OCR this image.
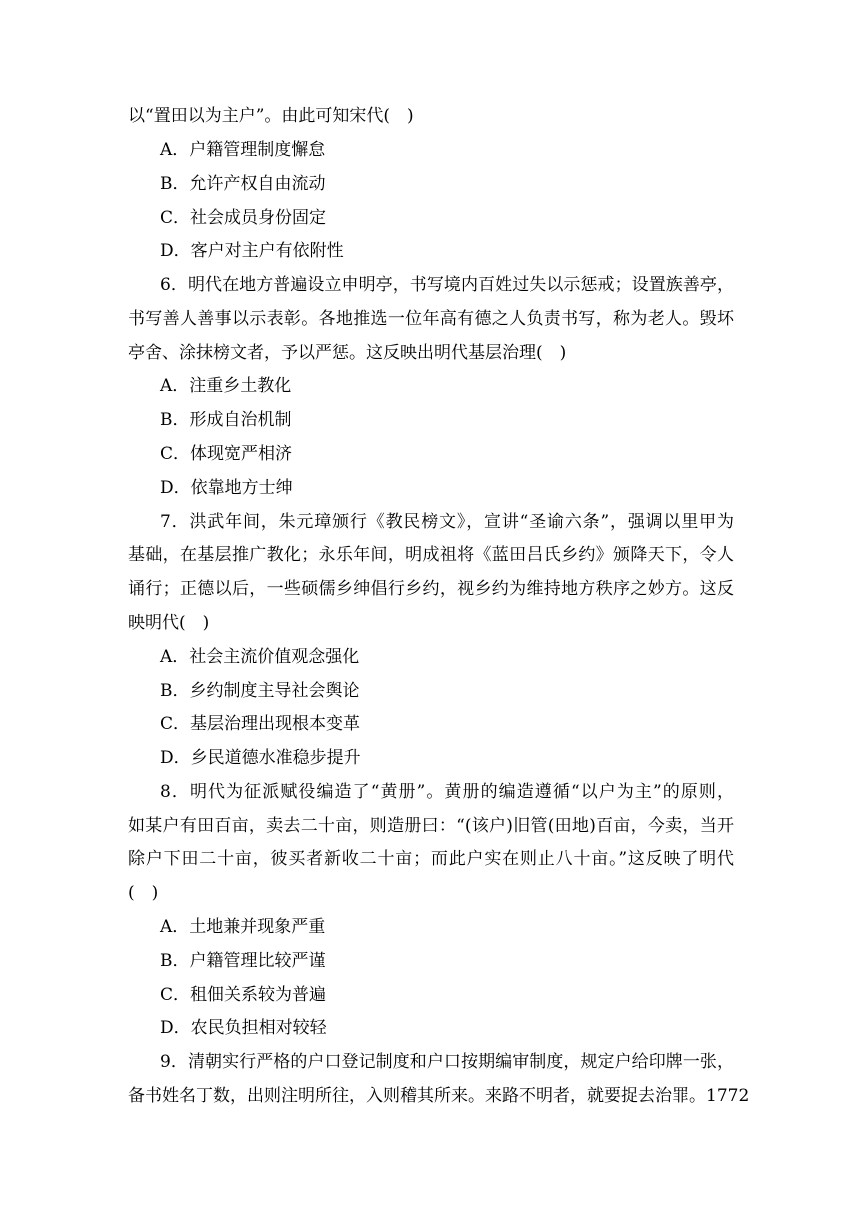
以“置田以为主户”。由此可知宋代(　)
A．户籍管理制度懈怠
B．允许产权自由流动
C．社会成员身份固定
D．客户对主户有依附性
6．明代在地方普遍设立申明亭，书写境内百姓过失以示惩戒；设置族善亭，
书写善人善事以示表彰。各地推选一位年高有德之人负责书写，称为老人。毁坏
亭舍、涂抹榜文者，予以严惩。这反映出明代基层治理(　)
A．注重乡土教化
B．形成自治机制
C．体现宽严相济
D．依靠地方士绅
7．洪武年间，朱元璋颁行《教民榜文》，宣讲“圣谕六条”，强调以里甲为
基础，在基层推广教化；永乐年间，明成祖将《蓝田吕氏乡约》颁降天下，令人
诵行；正德以后，一些硕儒乡绅倡行乡约，视乡约为维持地方秩序之妙方。这反
映明代(　)
A．社会主流价值观念强化
B．乡约制度主导社会舆论
C．基层治理出现根本变革
D．乡民道德水准稳步提升
8．明代为征派赋役编造了“黄册”。黄册的编造遵循“以户为主”的原则，
如某户有田百亩，卖去二十亩，则造册曰：“(该户)旧管(田地)百亩，今卖，当开
除户下田二十亩，彼买者新收二十亩；而此户实在则止八十亩。”这反映了明代
(　)
A．土地兼并现象严重
B．户籍管理比较严谨
C．租佃关系较为普遍
D．农民负担相对较轻
9．清朝实行严格的户口登记制度和户口按期编审制度，规定户给印牌一张，
备书姓名丁数，出则注明所往，入则稽其所来。来路不明者，就要捉去治罪。1772
